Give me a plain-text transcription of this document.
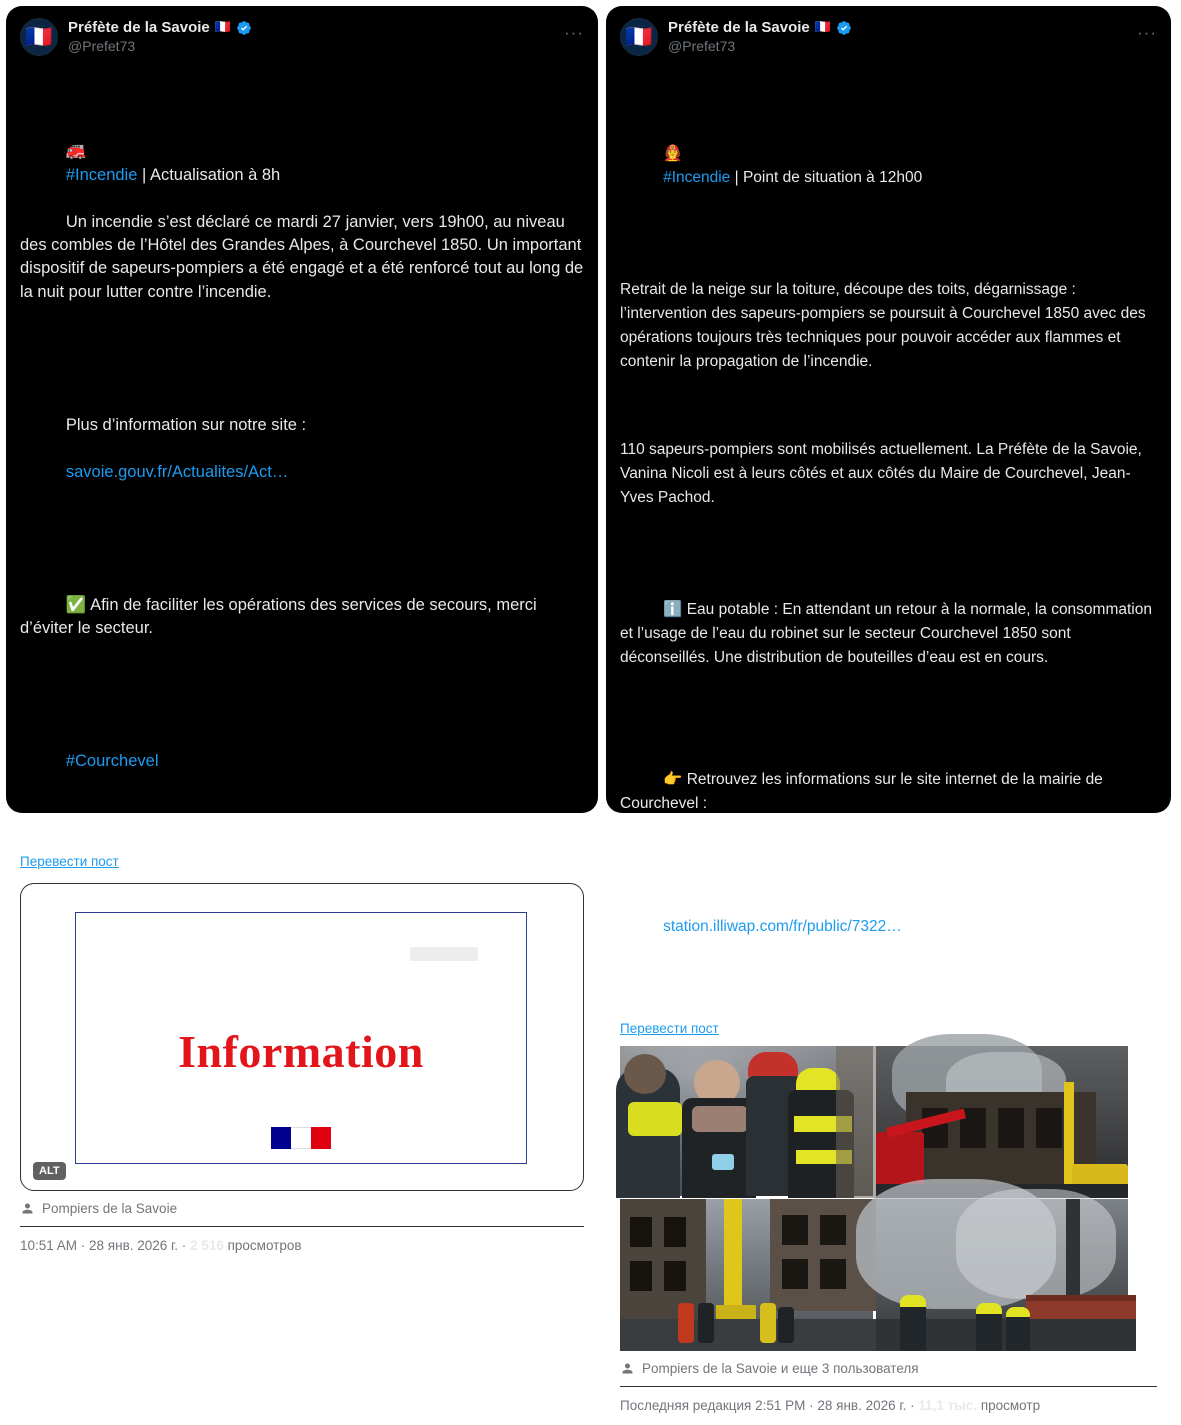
🇫🇷 Préfète de la Savoie 🇫🇷
@Prefet73
···

🚒
#Incendie | Actualisation à 8h

Un incendie s’est déclaré ce mardi 27 janvier, vers 19h00, au niveau des combles de l’Hôtel des Grandes Alpes, à Courchevel 1850. Un important dispositif de sapeurs-pompiers a été engagé et a été renforcé tout au long de la nuit pour lutter contre l’incendie.

Plus d’information sur notre site :

savoie.gouv.fr/Actualites/Act…

✅ Afin de faciliter les opérations des services de secours, merci d’éviter le secteur.

#Courchevel

Перевести пост
Information
ALT
Pompiers de la Savoie
10:51 AM · 28 янв. 2026 г. · 2 516 просмотров
🇫🇷 Préfète de la Savoie 🇫🇷
@Prefet73
···

🧑‍🚒
#Incendie | Point de situation à 12h00

Retrait de la neige sur la toiture, découpe des toits, dégarnissage : l’intervention des sapeurs-pompiers se poursuit à Courchevel 1850 avec des opérations toujours très techniques pour pouvoir accéder aux flammes et contenir la propagation de l’incendie.

110 sapeurs-pompiers sont mobilisés actuellement. La Préfète de la Savoie, Vanina Nicoli est à leurs côtés et aux côtés du Maire de Courchevel, Jean-Yves Pachod.

ℹ️ Eau potable : En attendant un retour à la normale, la consommation et l’usage de l’eau du robinet sur le secteur Courchevel 1850 sont déconseillés. Une distribution de bouteilles d’eau est en cours.

👉 Retrouvez les informations sur le site internet de la mairie de Courchevel :

station.illiwap.com/fr/public/7322…

Перевести пост
Pompiers de la Savoie и еще 3 пользователя
Последняя редакция 2:51 PM · 28 янв. 2026 г. · 11,1 тыс. просмотр
